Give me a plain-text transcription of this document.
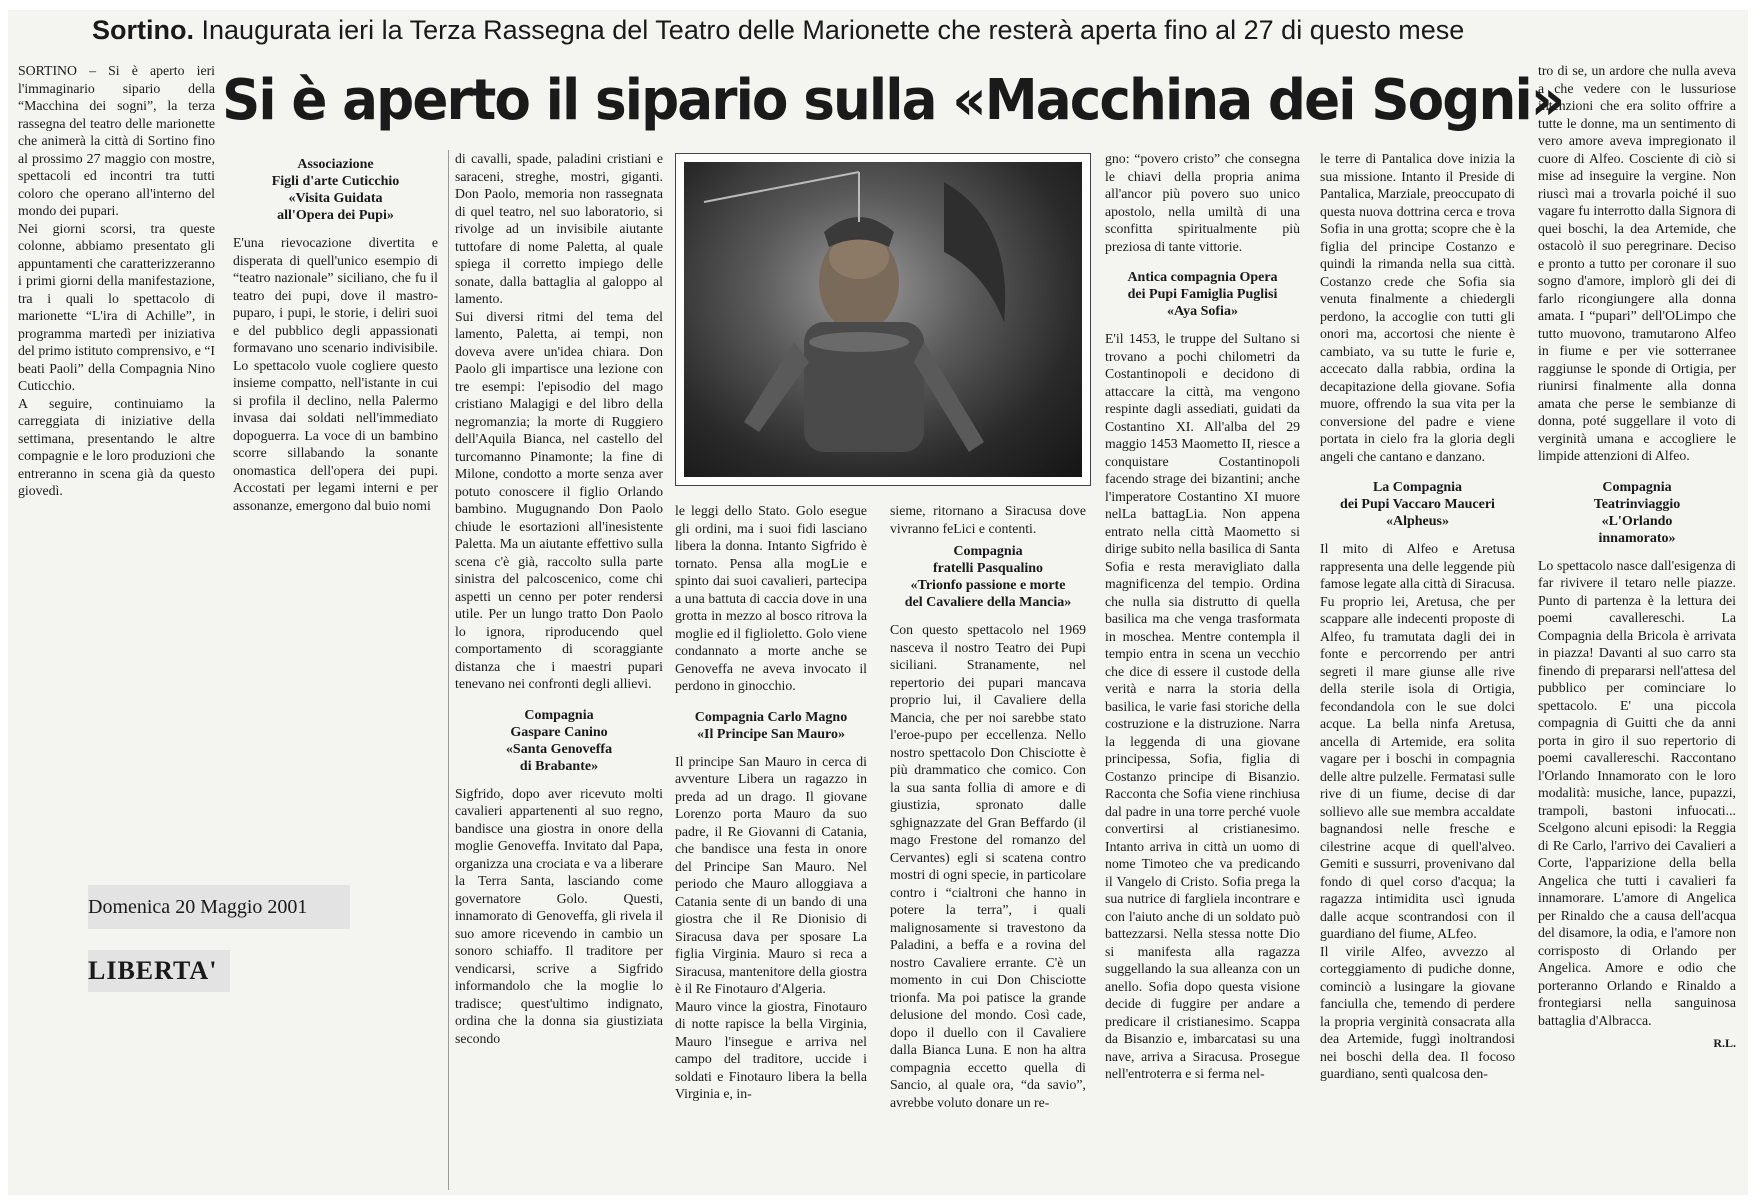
Sortino. Inaugurata ieri la Terza Rassegna del Teatro delle Marionette che resterà aperta fino al 27 di questo mese
Si è aperto il sipario sulla «Macchina dei Sogni»

SORTINO – Si è aperto ieri l'immaginario sipario della “Macchina dei sogni”, la terza rassegna del teatro delle marionette che animerà la città di Sortino fino al prossimo 27 maggio con mostre, spettacoli ed incontri tra tutti coloro che operano all'interno del mondo dei pupari.

Nei giorni scorsi, tra queste colonne, abbiamo presentato gli appuntamenti che caratterizzeranno i primi giorni della manifestazione, tra i quali lo spettacolo di marionette “L'ira di Achille”, in programma martedì per iniziativa del primo istituto comprensivo, e “I beati Paoli” della Compagnia Nino Cuticchio.

A seguire, continuiamo la carreggiata di iniziative della settimana, presentando le altre compagnie e le loro produzioni che entreranno in scena già da questo giovedì.

Associazione
Figli d'arte Cuticchio
«Visita Guidata
all'Opera dei Pupi»

E'una rievocazione divertita e disperata di quell'unico esempio di “teatro nazionale” siciliano, che fu il teatro dei pupi, dove il mastro-puparo, i pupi, le storie, i deliri suoi e del pubblico degli appassionati formavano uno scenario indivisibile. Lo spettacolo vuole cogliere questo insieme compatto, nell'istante in cui si profila il declino, nella Palermo invasa dai soldati nell'immediato dopoguerra. La voce di un bambino scorre sillabando la sonante onomastica dell'opera dei pupi. Accostati per legami interni e per assonanze, emergono dal buio nomi

di cavalli, spade, paladini cristiani e saraceni, streghe, mostri, giganti. Don Paolo, memoria non rassegnata di quel teatro, nel suo laboratorio, si rivolge ad un invisibile aiutante tuttofare di nome Paletta, al quale spiega il corretto impiego delle sonate, dalla battaglia al galoppo al lamento.

Sui diversi ritmi del tema del lamento, Paletta, ai tempi, non doveva avere un'idea chiara. Don Paolo gli impartisce una lezione con tre esempi: l'episodio del mago cristiano Malagigi e del libro della negromanzia; la morte di Ruggiero dell'Aquila Bianca, nel castello del turcomanno Pinamonte; la fine di Milone, condotto a morte senza aver potuto conoscere il figlio Orlando bambino. Mugugnando Don Paolo chiude le esortazioni all'inesistente Paletta. Ma un aiutante effettivo sulla scena c'è già, raccolto sulla parte sinistra del palcoscenico, come chi aspetti un cenno per poter rendersi utile. Per un lungo tratto Don Paolo lo ignora, riproducendo quel comportamento di scoraggiante distanza che i maestri pupari tenevano nei confronti degli allievi.

Compagnia
Gaspare Canino
«Santa Genoveffa
di Brabante»

Sigfrido, dopo aver ricevuto molti cavalieri appartenenti al suo regno, bandisce una giostra in onore della moglie Genoveffa. Invitato dal Papa, organizza una crociata e va a liberare la Terra Santa, lasciando come governatore Golo. Questi, innamorato di Genoveffa, gli rivela il suo amore ricevendo in cambio un sonoro schiaffo. Il traditore per vendicarsi, scrive a Sigfrido informandolo che la moglie lo tradisce; quest'ultimo indignato, ordina che la donna sia giustiziata secondo

le leggi dello Stato. Golo esegue gli ordini, ma i suoi fidi lasciano libera la donna. Intanto Sigfrido è tornato. Pensa alla mogLie e spinto dai suoi cavalieri, partecipa a una battuta di caccia dove in una grotta in mezzo al bosco ritrova la moglie ed il figlioletto. Golo viene condannato a morte anche se Genoveffa ne aveva invocato il perdono in ginocchio.

Compagnia Carlo Magno
«Il Principe San Mauro»

Il principe San Mauro in cerca di avventure Libera un ragazzo in preda ad un drago. Il giovane Lorenzo porta Mauro da suo padre, il Re Giovanni di Catania, che bandisce una festa in onore del Principe San Mauro. Nel periodo che Mauro alloggiava a Catania sente di un bando di una giostra che il Re Dionisio di Siracusa dava per sposare La figlia Virginia. Mauro si reca a Siracusa, mantenitore della giostra è il Re Finotauro d'Algeria.

Mauro vince la giostra, Finotauro di notte rapisce la bella Virginia, Mauro l'insegue e arriva nel campo del traditore, uccide i soldati e Finotauro libera la bella Virginia e, in-

sieme, ritornano a Siracusa dove vivranno feLici e contenti.

Compagnia
fratelli Pasqualino
«Trionfo passione e morte
del Cavaliere della Mancia»

Con questo spettacolo nel 1969 nasceva il nostro Teatro dei Pupi siciliani. Stranamente, nel repertorio dei pupari mancava proprio lui, il Cavaliere della Mancia, che per noi sarebbe stato l'eroe-pupo per eccellenza. Nello nostro spettacolo Don Chisciotte è più drammatico che comico. Con la sua santa follia di amore e di giustizia, spronato dalle sghignazzate del Gran Beffardo (il mago Frestone del romanzo del Cervantes) egli si scatena contro mostri di ogni specie, in particolare contro i “cialtroni che hanno in potere la terra”, i quali malignosamente si travestono da Paladini, a beffa e a rovina del nostro Cavaliere errante. C'è un momento in cui Don Chisciotte trionfa. Ma poi patisce la grande delusione del mondo. Così cade, dopo il duello con il Cavaliere dalla Bianca Luna. E non ha altra compagnia eccetto quella di Sancio, al quale ora, “da savio”, avrebbe voluto donare un re-

gno: “povero cristo” che consegna le chiavi della propria anima all'ancor più povero suo unico apostolo, nella umiltà di una sconfitta spiritualmente più preziosa di tante vittorie.

Antica compagnia Opera
dei Pupi Famiglia Puglisi
«Aya Sofia»

E'il 1453, le truppe del Sultano si trovano a pochi chilometri da Costantinopoli e decidono di attaccare la città, ma vengono respinte dagli assediati, guidati da Costantino XI. All'alba del 29 maggio 1453 Maometto II, riesce a conquistare Costantinopoli facendo strage dei bizantini; anche l'imperatore Costantino XI muore nelLa battagLia. Non appena entrato nella città Maometto si dirige subito nella basilica di Santa Sofia e resta meravigliato dalla magnificenza del tempio. Ordina che nulla sia distrutto di quella basilica ma che venga trasformata in moschea. Mentre contempla il tempio entra in scena un vecchio che dice di essere il custode della verità e narra la storia della basilica, le varie fasi storiche della costruzione e la distruzione. Narra la leggenda di una giovane principessa, Sofia, figlia di Costanzo principe di Bisanzio. Racconta che Sofia viene rinchiusa dal padre in una torre perché vuole convertirsi al cristianesimo. Intanto arriva in città un uomo di nome Timoteo che va predicando il Vangelo di Cristo. Sofia prega la sua nutrice di fargliela incontrare e con l'aiuto anche di un soldato può battezzarsi. Nella stessa notte Dio si manifesta alla ragazza suggellando la sua alleanza con un anello. Sofia dopo questa visione decide di fuggire per andare a predicare il cristianesimo. Scappa da Bisanzio e, imbarcatasi su una nave, arriva a Siracusa. Prosegue nell'entroterra e si ferma nel-

le terre di Pantalica dove inizia la sua missione. Intanto il Preside di Pantalica, Marziale, preoccupato di questa nuova dottrina cerca e trova Sofia in una grotta; scopre che è la figlia del principe Costanzo e quindi la rimanda nella sua città. Costanzo crede che Sofia sia venuta finalmente a chiedergli perdono, la accoglie con tutti gli onori ma, accortosi che niente è cambiato, va su tutte le furie e, accecato dalla rabbia, ordina la decapitazione della giovane. Sofia muore, offrendo la sua vita per la conversione del padre e viene portata in cielo fra la gloria degli angeli che cantano e danzano.

La Compagnia
dei Pupi Vaccaro Mauceri
«Alpheus»

Il mito di Alfeo e Aretusa rappresenta una delle leggende più famose legate alla città di Siracusa. Fu proprio lei, Aretusa, che per scappare alle indecenti proposte di Alfeo, fu tramutata dagli dei in fonte e percorrendo per antri segreti il mare giunse alle rive della sterile isola di Ortigia, fecondandola con le sue dolci acque. La bella ninfa Aretusa, ancella di Artemide, era solita vagare per i boschi in compagnia delle altre pulzelle. Fermatasi sulle rive di un fiume, decise di dar sollievo alle sue membra accaldate bagnandosi nelle fresche e cilestrine acque di quell'alveo. Gemiti e sussurri, provenivano dal fondo di quel corso d'acqua; la ragazza intimidita uscì ignuda dalle acque scontrandosi con il guardiano del fiume, ALfeo.

Il virile Alfeo, avvezzo al corteggiamento di pudiche donne, cominciò a lusingare la giovane fanciulla che, temendo di perdere la propria verginità consacrata alla dea Artemide, fuggì inoltrandosi nei boschi della dea. Il focoso guardiano, sentì qualcosa den-

tro di se, un ardore che nulla aveva a che vedere con le lussuriose intenzioni che era solito offrire a tutte le donne, ma un sentimento di vero amore aveva impregionato il cuore di Alfeo. Cosciente di ciò si mise ad inseguire la vergine. Non riuscì mai a trovarla poiché il suo vagare fu interrotto dalla Signora di quei boschi, la dea Artemide, che ostacolò il suo peregrinare. Deciso e pronto a tutto per coronare il suo sogno d'amore, implorò gli dei di farlo ricongiungere alla donna amata. I “pupari” dell'OLimpo che tutto muovono, tramutarono Alfeo in fiume e per vie sotterranee raggiunse le sponde di Ortigia, per riunirsi finalmente alla donna amata che perse le sembianze di donna, poté suggellare il voto di verginità umana e accogliere le limpide attenzioni di Alfeo.

Compagnia
Teatrinviaggio
«L'Orlando
innamorato»

Lo spettacolo nasce dall'esigenza di far rivivere il tetaro nelle piazze. Punto di partenza è la lettura dei poemi cavallereschi. La Compagnia della Bricola è arrivata in piazza! Davanti al suo carro sta finendo di prepararsi nell'attesa del pubblico per cominciare lo spettacolo. E' una piccola compagnia di Guitti che da anni porta in giro il suo repertorio di poemi cavallereschi. Raccontano l'Orlando Innamorato con le loro modalità: musiche, lance, pupazzi, trampoli, bastoni infuocati... Scelgono alcuni episodi: la Reggia di Re Carlo, l'arrivo dei Cavalieri a Corte, l'apparizione della bella Angelica che tutti i cavalieri fa innamorare. L'amore di Angelica per Rinaldo che a causa dell'acqua del disamore, la odia, e l'amore non corrisposto di Orlando per Angelica. Amore e odio che porteranno Orlando e Rinaldo a frontegiarsi nella sanguinosa battaglia d'Albracca.

R.L.
Domenica 20 Maggio 2001
LIBERTA'
